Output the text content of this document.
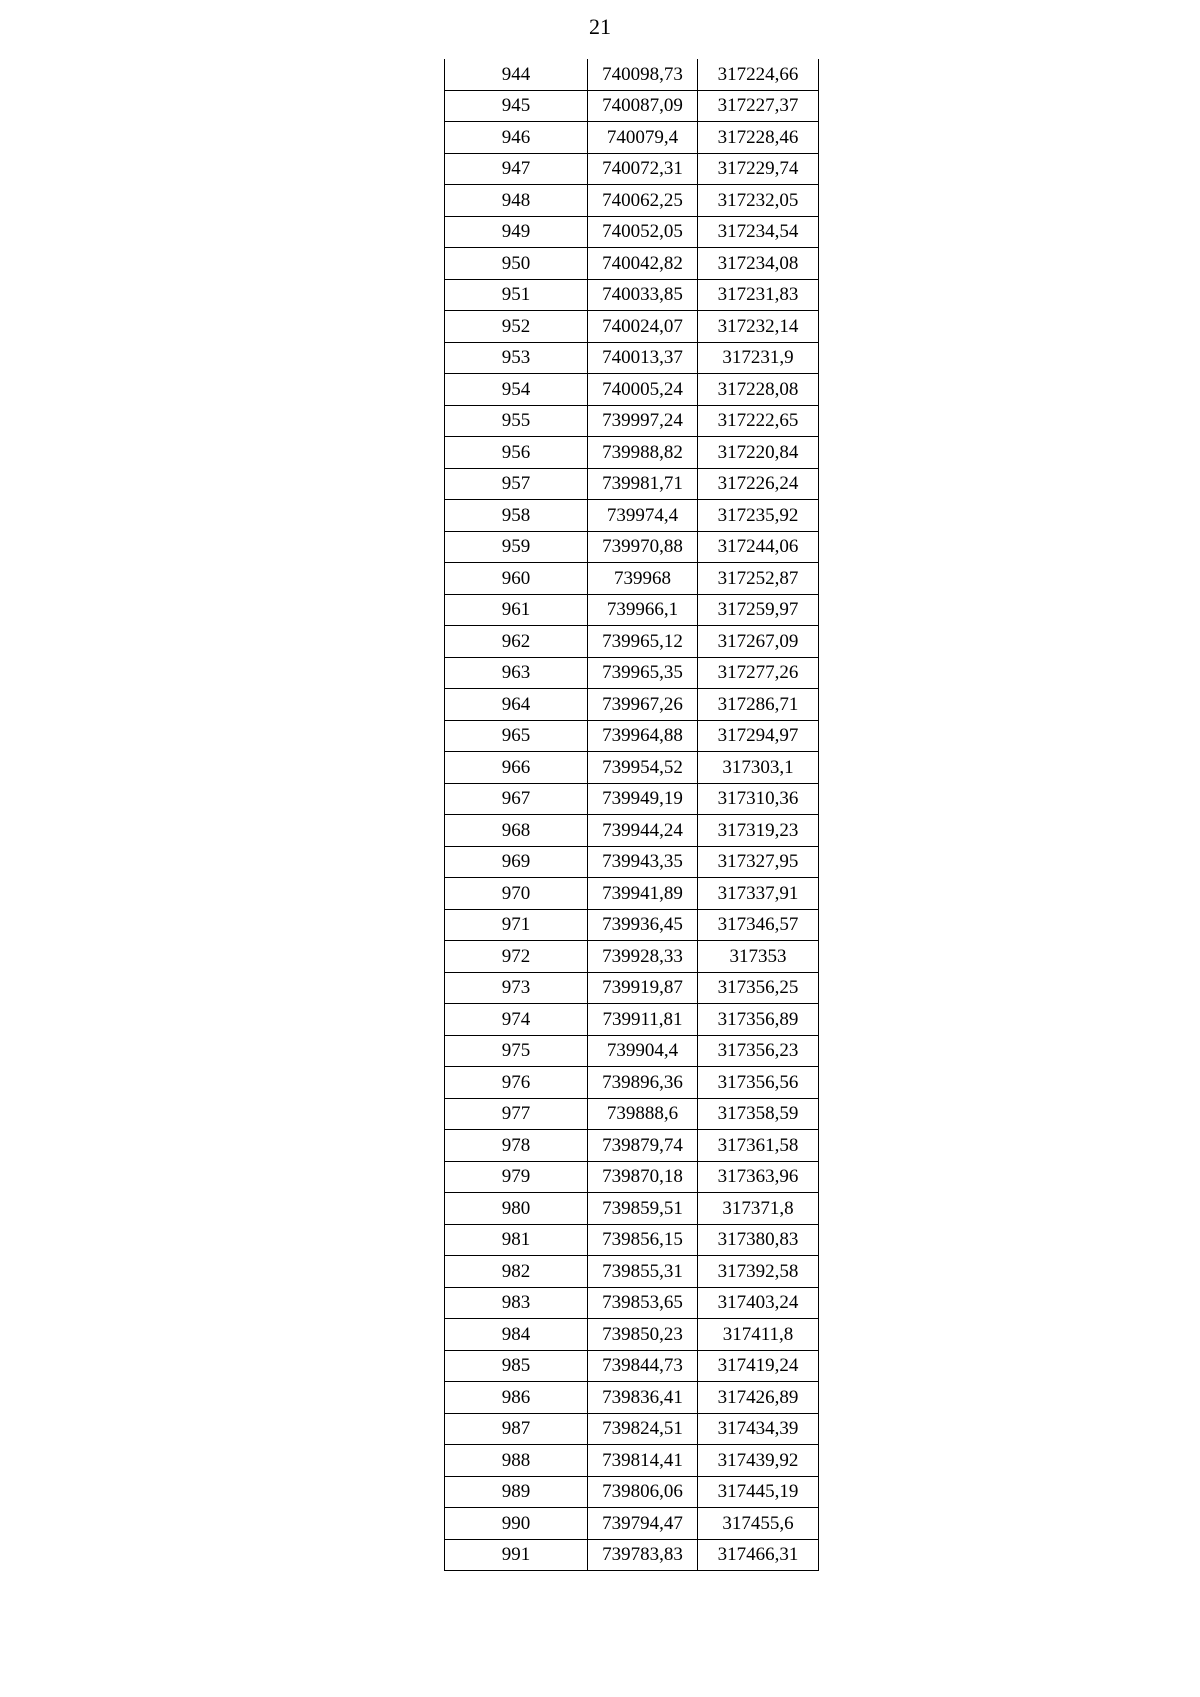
21
944	740098,73	317224,66
945	740087,09	317227,37
946	740079,4	317228,46
947	740072,31	317229,74
948	740062,25	317232,05
949	740052,05	317234,54
950	740042,82	317234,08
951	740033,85	317231,83
952	740024,07	317232,14
953	740013,37	317231,9
954	740005,24	317228,08
955	739997,24	317222,65
956	739988,82	317220,84
957	739981,71	317226,24
958	739974,4	317235,92
959	739970,88	317244,06
960	739968	317252,87
961	739966,1	317259,97
962	739965,12	317267,09
963	739965,35	317277,26
964	739967,26	317286,71
965	739964,88	317294,97
966	739954,52	317303,1
967	739949,19	317310,36
968	739944,24	317319,23
969	739943,35	317327,95
970	739941,89	317337,91
971	739936,45	317346,57
972	739928,33	317353
973	739919,87	317356,25
974	739911,81	317356,89
975	739904,4	317356,23
976	739896,36	317356,56
977	739888,6	317358,59
978	739879,74	317361,58
979	739870,18	317363,96
980	739859,51	317371,8
981	739856,15	317380,83
982	739855,31	317392,58
983	739853,65	317403,24
984	739850,23	317411,8
985	739844,73	317419,24
986	739836,41	317426,89
987	739824,51	317434,39
988	739814,41	317439,92
989	739806,06	317445,19
990	739794,47	317455,6
991	739783,83	317466,31
